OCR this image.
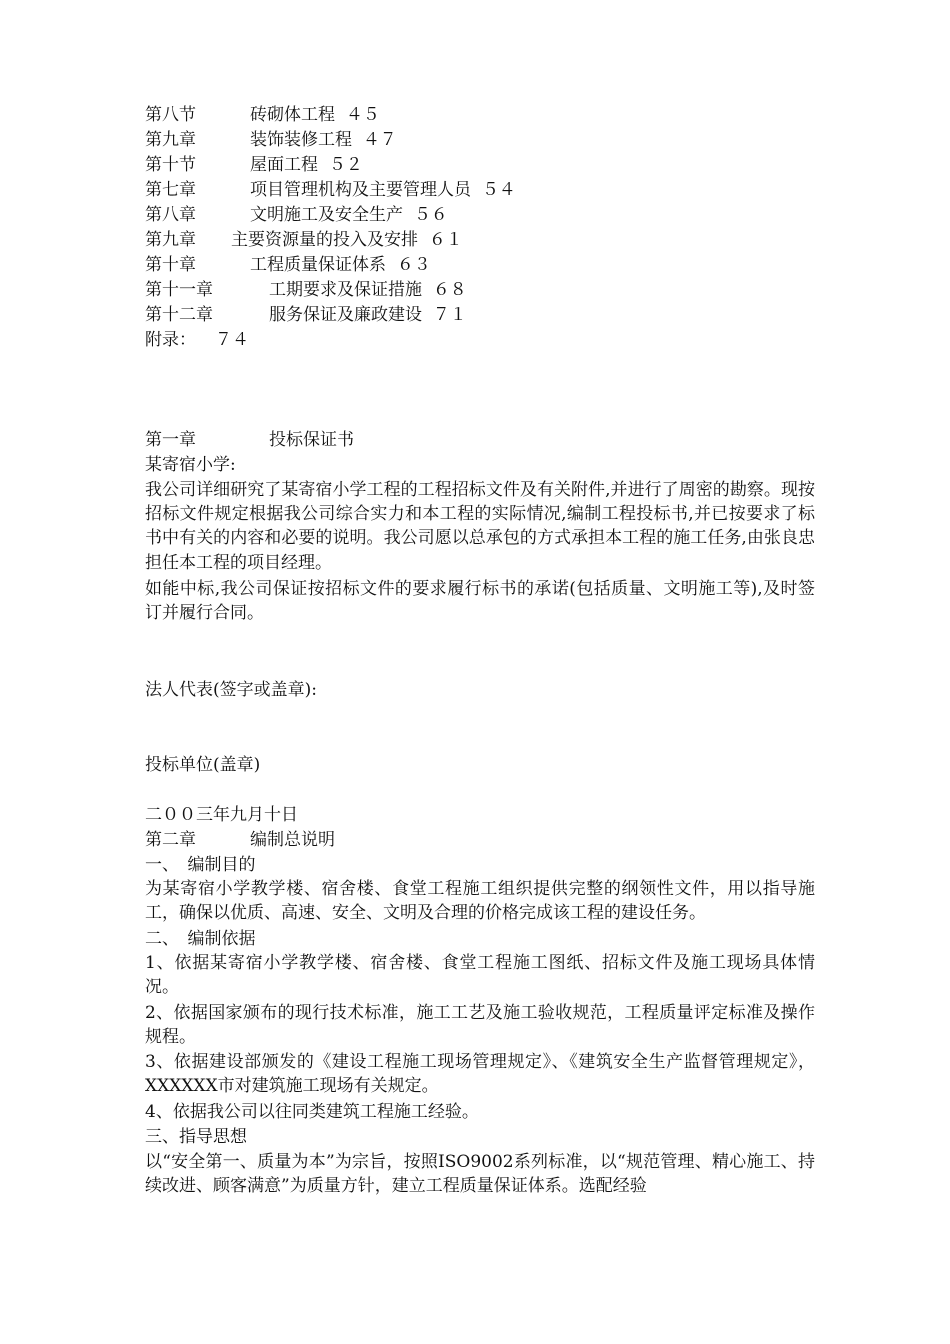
第八节	砖砌体工程 ４５
第九章	装饰装修工程 ４７
第十节	屋面工程 ５２
第七章	项目管理机构及主要管理人员 ５４
第八章	文明施工及安全生产 ５６
第九章 主要资源量的投入及安排 ６１
第十章	工程质量保证体系 ６３
第十一章	工期要求及保证措施 ６８
第十二章	服务保证及廉政建设 ７１
附录： ７４
第一章	投标保证书
某寄宿小学:
我公司详细研究了某寄宿小学工程的工程招标文件及有关附件,并进行了周密的勘察。现按招标文件规定根据我公司综合实力和本工程的实际情况,编制工程投标书,并已按要求了标书中有关的内容和必要的说明。我公司愿以总承包的方式承担本工程的施工任务,由张良忠担任本工程的项目经理。
如能中标,我公司保证按招标文件的要求履行标书的承诺(包括质量、文明施工等),及时签订并履行合同。
法人代表(签字或盖章):
投标单位(盖章)
二００三年九月十日
第二章	编制总说明
一、　编制目的
为某寄宿小学教学楼、宿舍楼、食堂工程施工组织提供完整的纲领性文件，用以指导施工，确保以优质、高速、安全、文明及合理的价格完成该工程的建设任务。
二、　编制依据
1、依据某寄宿小学教学楼、宿舍楼、食堂工程施工图纸、招标文件及施工现场具体情况。
2、依据国家颁布的现行技术标准，施工工艺及施工验收规范，工程质量评定标准及操作规程。
3、依据建设部颁发的《建设工程施工现场管理规定》、《建筑安全生产监督管理规定》，XXXXXX市对建筑施工现场有关规定。
4、依据我公司以往同类建筑工程施工经验。
三、指导思想
以“安全第一、质量为本”为宗旨，按照ISO9002系列标准，以“规范管理、精心施工、持续改进、顾客满意”为质量方针，建立工程质量保证体系。选配经验
